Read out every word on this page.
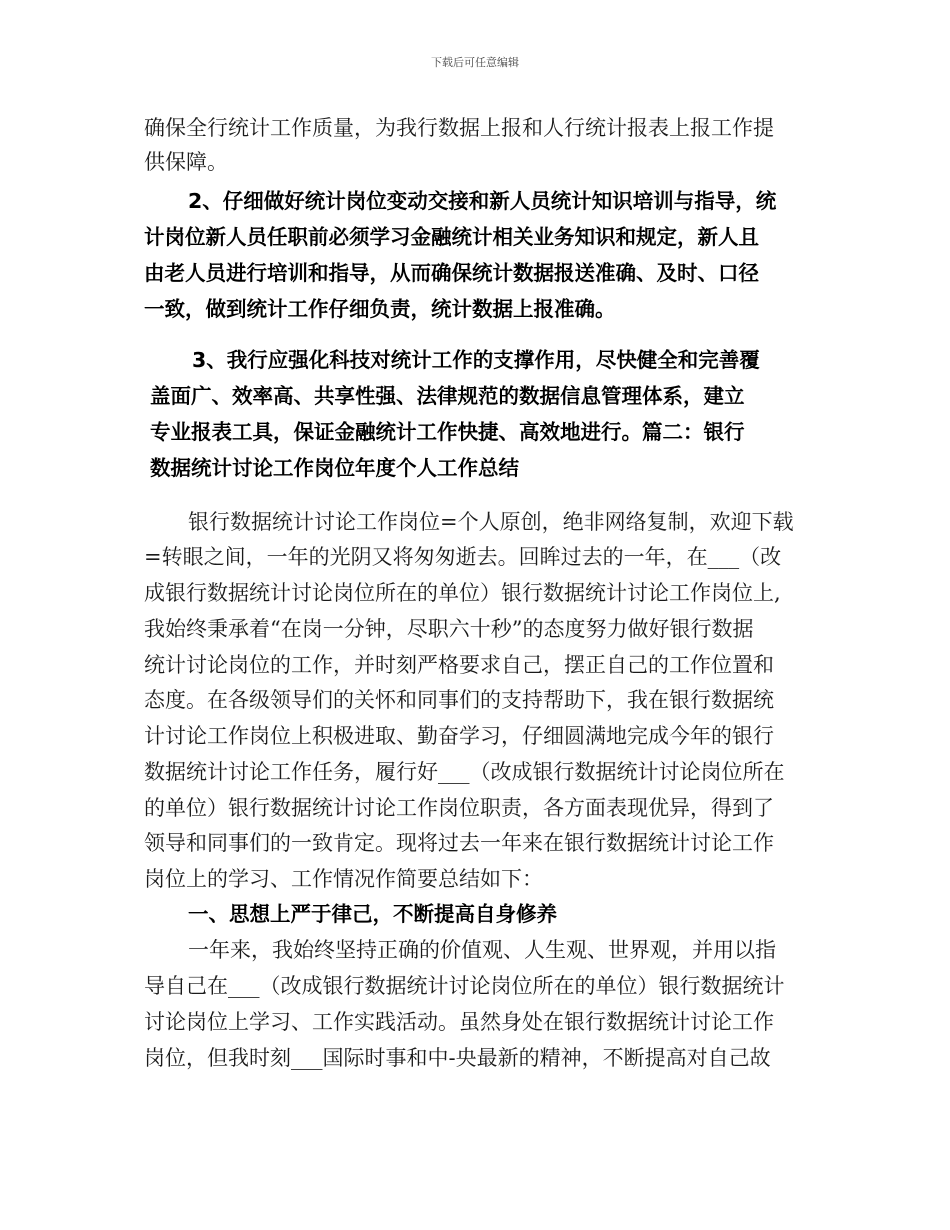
下载后可任意编辑
确保全行统计工作质量，为我行数据上报和人行统计报表上报工作提
供保障。
2、仔细做好统计岗位变动交接和新人员统计知识培训与指导，统
计岗位新人员任职前必须学习金融统计相关业务知识和规定，新人且
由老人员进行培训和指导，从而确保统计数据报送准确、及时、口径
一致，做到统计工作仔细负责，统计数据上报准确。
3、我行应强化科技对统计工作的支撑作用，尽快健全和完善覆
盖面广、效率高、共享性强、法律规范的数据信息管理体系，建立
专业报表工具，保证金融统计工作快捷、高效地进行。篇二：银行
数据统计讨论工作岗位年度个人工作总结
银行数据统计讨论工作岗位=个人原创，绝非网络复制，欢迎下载
=转眼之间，一年的光阴又将匆匆逝去。回眸过去的一年，在___（改
成银行数据统计讨论岗位所在的单位）银行数据统计讨论工作岗位上,
我始终秉承着“在岗一分钟，尽职六十秒”的态度努力做好银行数据
统计讨论岗位的工作，并时刻严格要求自己，摆正自己的工作位置和
态度。在各级领导们的关怀和同事们的支持帮助下，我在银行数据统
计讨论工作岗位上积极进取、勤奋学习，仔细圆满地完成今年的银行
数据统计讨论工作任务，履行好___（改成银行数据统计讨论岗位所在
的单位）银行数据统计讨论工作岗位职责，各方面表现优异，得到了
领导和同事们的一致肯定。现将过去一年来在银行数据统计讨论工作
岗位上的学习、工作情况作简要总结如下：
一、思想上严于律己，不断提高自身修养
一年来，我始终坚持正确的价值观、人生观、世界观，并用以指
导自己在___（改成银行数据统计讨论岗位所在的单位）银行数据统计
讨论岗位上学习、工作实践活动。虽然身处在银行数据统计讨论工作
岗位，但我时刻___国际时事和中-央最新的精神，不断提高对自己故
